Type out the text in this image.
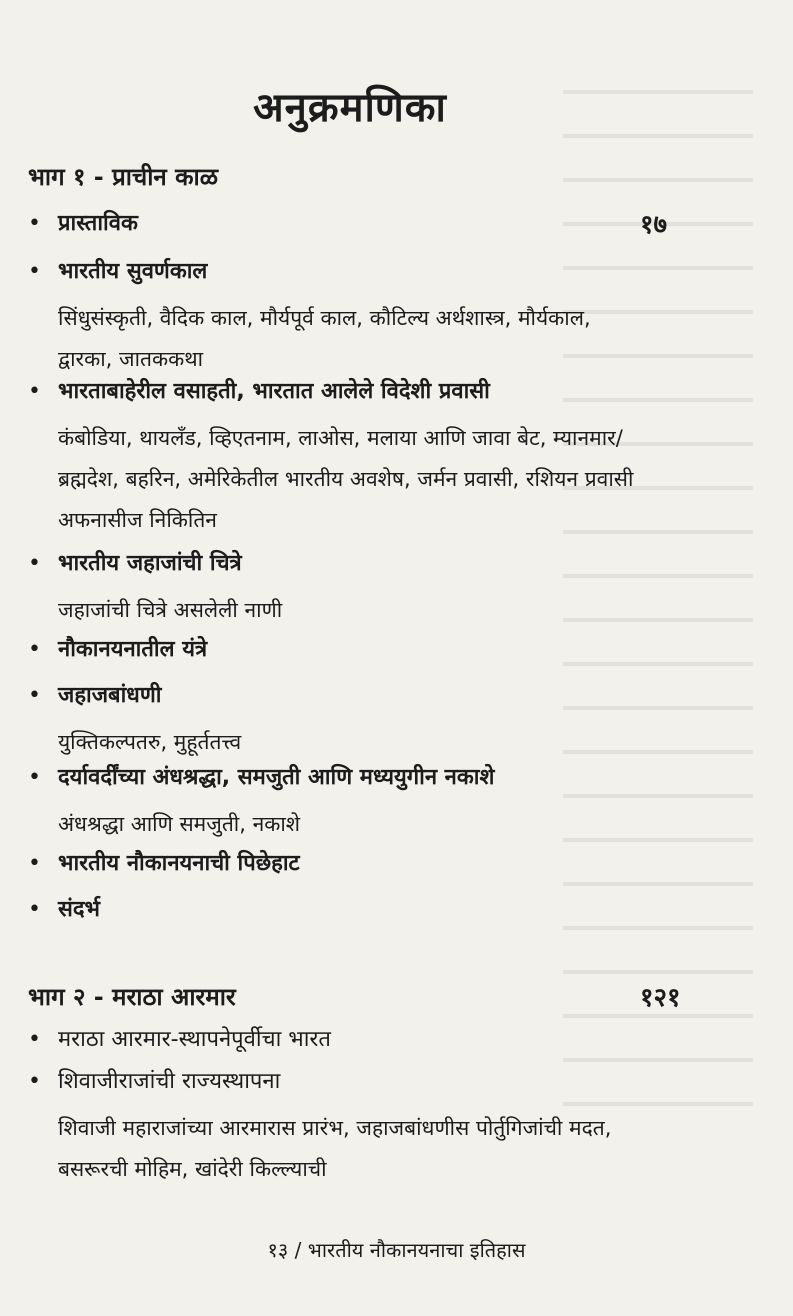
अनुक्रमणिका
भाग १ - प्राचीन काळ
१७
• प्रास्ताविक
• भारतीय सुवर्णकाल
सिंधुसंस्कृती, वैदिक काल, मौर्यपूर्व काल, कौटिल्य अर्थशास्त्र, मौर्यकाल, द्वारका, जातककथा
• भारताबाहेरील वसाहती, भारतात आलेले विदेशी प्रवासी
कंबोडिया, थायलँड, व्हिएतनाम, लाओस, मलाया आणि जावा बेट, म्यानमार/ब्रह्मदेश, बहरिन, अमेरिकेतील भारतीय अवशेष, जर्मन प्रवासी, रशियन प्रवासी अफनासीज निकितिन
• भारतीय जहाजांची चित्रे
जहाजांची चित्रे असलेली नाणी
• नौकानयनातील यंत्रे
• जहाजबांधणी
युक्तिकल्पतरु, मुहूर्ततत्त्व
• दर्यावर्दींच्या अंधश्रद्धा, समजुती आणि मध्ययुगीन नकाशे
अंधश्रद्धा आणि समजुती, नकाशे
• भारतीय नौकानयनाची पिछेहाट
• संदर्भ
भाग २ - मराठा आरमार	१२१
• मराठा आरमार-स्थापनेपूर्वीचा भारत
• शिवाजीराजांची राज्यस्थापना
शिवाजी महाराजांच्या आरमारास प्रारंभ, जहाजबांधणीस पोर्तुगिजांची मदत, बसरूरची मोहिम, खांदेरी किल्ल्याची
१३ / भारतीय नौकानयनाचा इतिहास
